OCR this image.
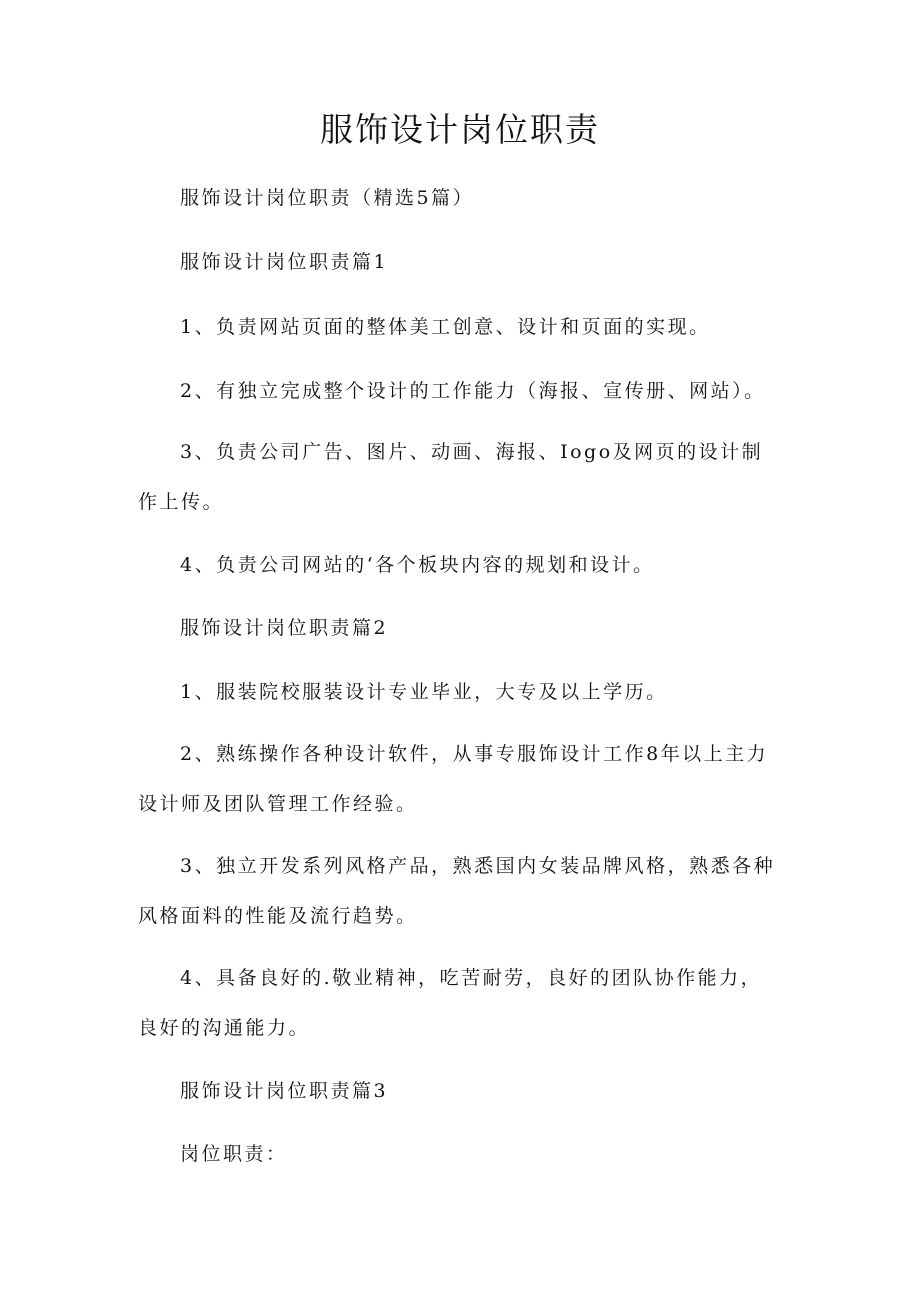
服饰设计岗位职责

服饰设计岗位职责（精选5篇）

服饰设计岗位职责篇1

1、负责网站页面的整体美工创意、设计和页面的实现。

2、有独立完成整个设计的工作能力（海报、宣传册、网站）。

3、负责公司广告、图片、动画、海报、Iogo及网页的设计制作上传。

4、负责公司网站的‘各个板块内容的规划和设计。

服饰设计岗位职责篇2

1、服装院校服装设计专业毕业，大专及以上学历。

2、熟练操作各种设计软件，从事专服饰设计工作8年以上主力设计师及团队管理工作经验。

3、独立开发系列风格产品，熟悉国内女装品牌风格，熟悉各种风格面料的性能及流行趋势。

4、具备良好的.敬业精神，吃苦耐劳，良好的团队协作能力，良好的沟通能力。

服饰设计岗位职责篇3

岗位职责：
